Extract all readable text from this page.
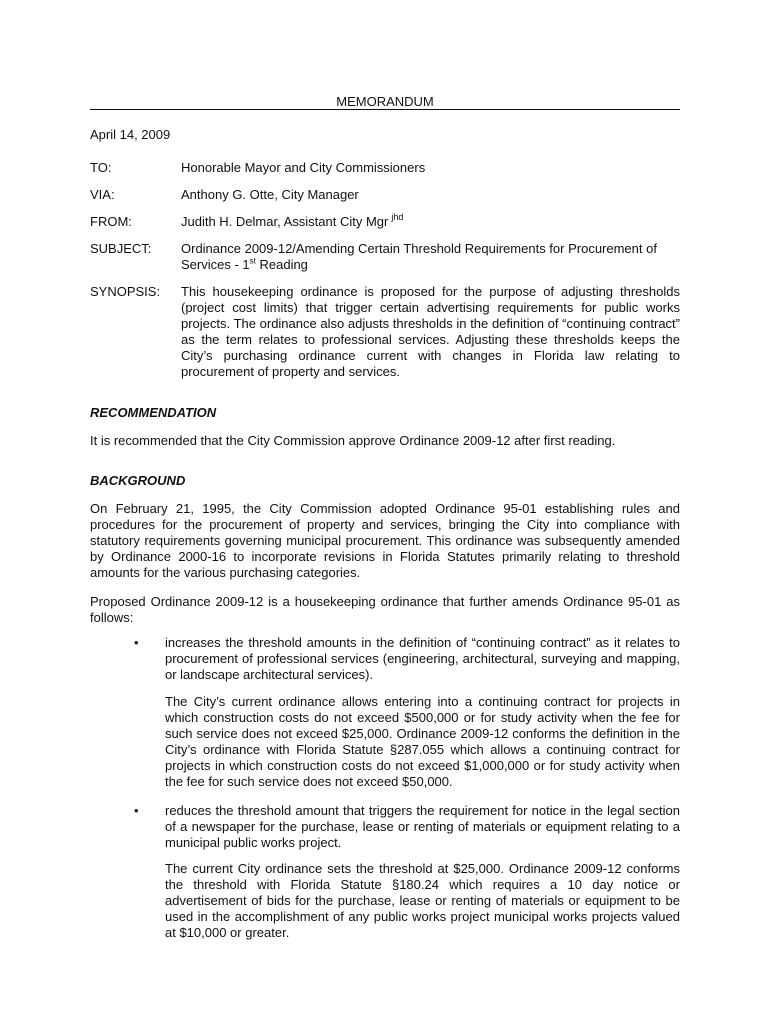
MEMORANDUM
April 14, 2009
TO:	Honorable Mayor and City Commissioners
VIA:	Anthony G. Otte, City Manager
FROM:	Judith H. Delmar, Assistant City Mgr $^{jhd}$
SUBJECT:	Ordinance 2009-12/Amending Certain Threshold Requirements for Procurement of
Services - 1st Reading
SYNOPSIS:	This housekeeping ordinance is proposed for the purpose of adjusting thresholds (project cost limits) that trigger certain advertising requirements for public works projects. The ordinance also adjusts thresholds in the definition of “continuing contract” as the term relates to professional services. Adjusting these thresholds keeps the City’s purchasing ordinance current with changes in Florida law relating to procurement of property and services.
RECOMMENDATION
It is recommended that the City Commission approve Ordinance 2009-12 after first reading.
BACKGROUND
On February 21, 1995, the City Commission adopted Ordinance 95-01 establishing rules and procedures for the procurement of property and services, bringing the City into compliance with statutory requirements governing municipal procurement. This ordinance was subsequently amended by Ordinance 2000-16 to incorporate revisions in Florida Statutes primarily relating to threshold amounts for the various purchasing categories.
Proposed Ordinance 2009-12 is a housekeeping ordinance that further amends Ordinance 95-01 as follows:
• increases the threshold amounts in the definition of “continuing contract” as it relates to procurement of professional services (engineering, architectural, surveying and mapping, or landscape architectural services).
The City’s current ordinance allows entering into a continuing contract for projects in which construction costs do not exceed $500,000 or for study activity when the fee for such service does not exceed $25,000. Ordinance 2009-12 conforms the definition in the City’s ordinance with Florida Statute §287.055 which allows a continuing contract for projects in which construction costs do not exceed $1,000,000 or for study activity when the fee for such service does not exceed $50,000.
• reduces the threshold amount that triggers the requirement for notice in the legal section of a newspaper for the purchase, lease or renting of materials or equipment relating to a municipal public works project.
The current City ordinance sets the threshold at $25,000. Ordinance 2009-12 conforms the threshold with Florida Statute §180.24 which requires a 10 day notice or advertisement of bids for the purchase, lease or renting of materials or equipment to be used in the accomplishment of any public works project municipal works projects valued at $10,000 or greater.
